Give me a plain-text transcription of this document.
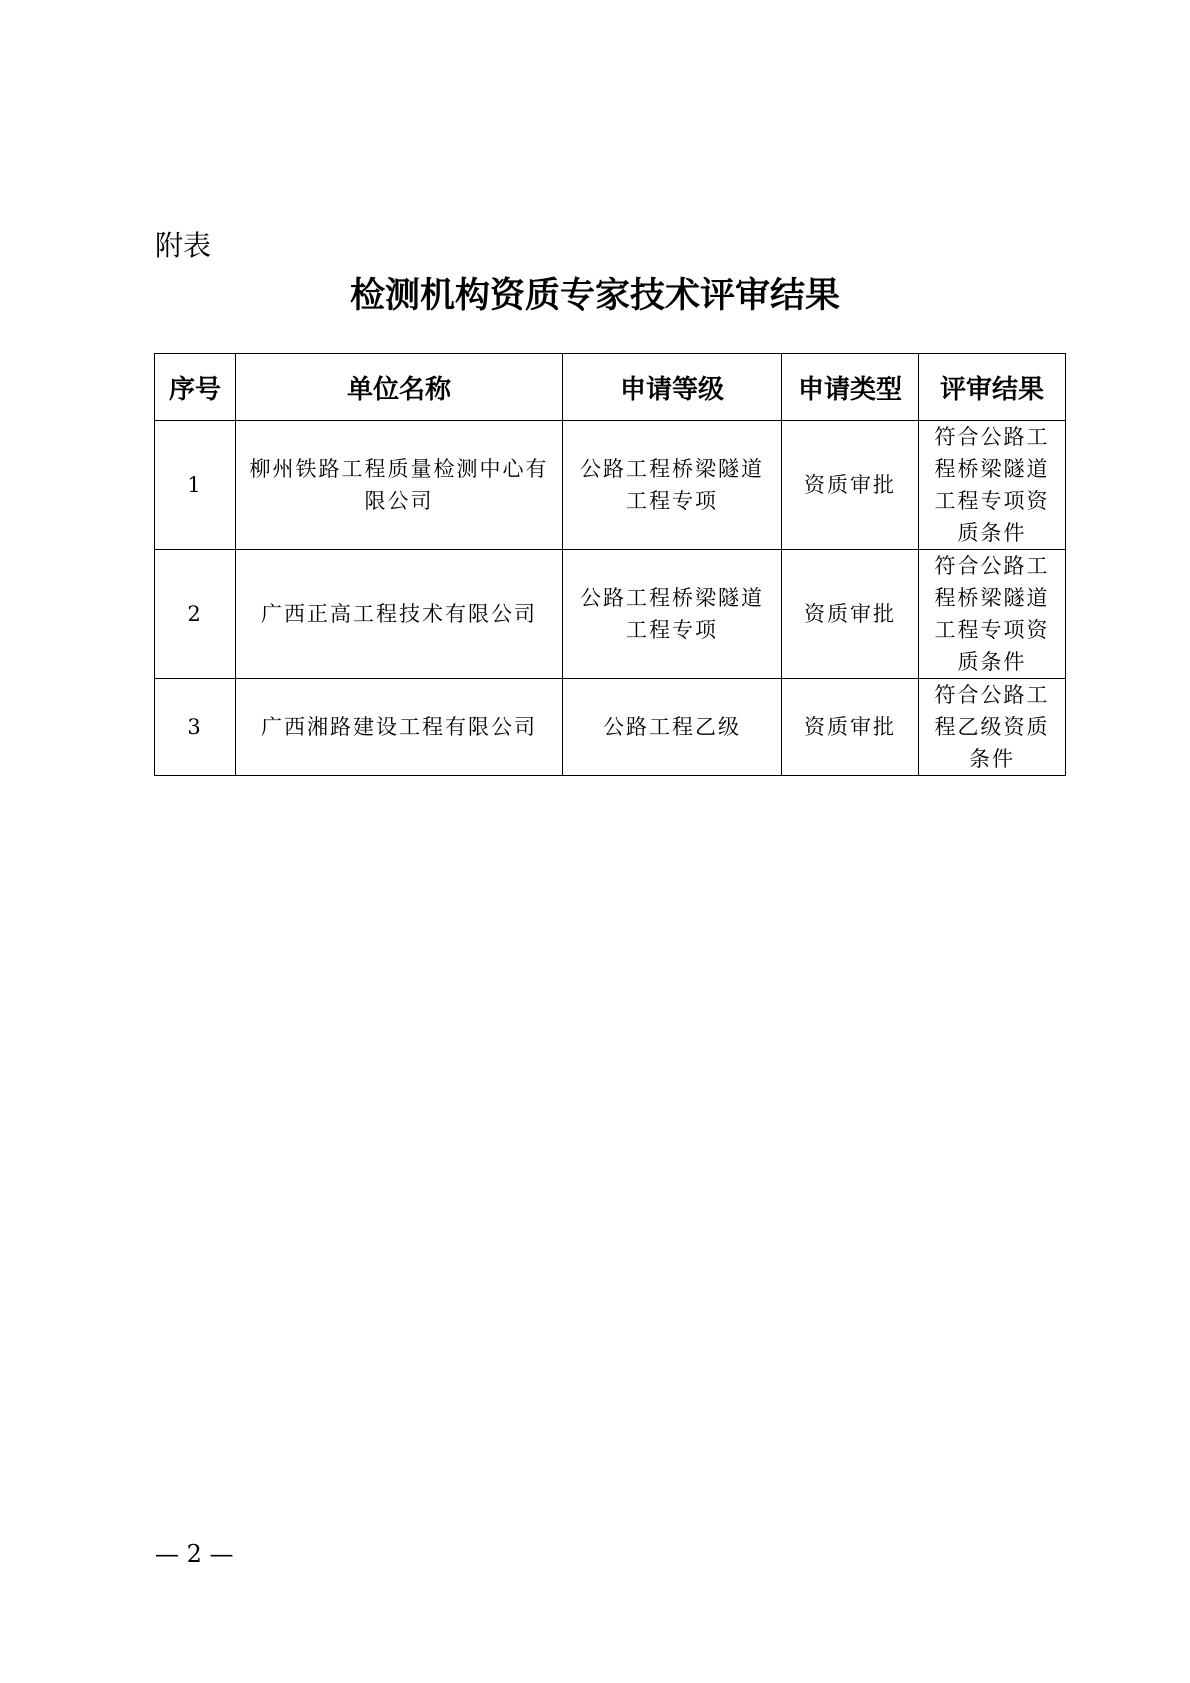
附表
检测机构资质专家技术评审结果
序号	单位名称	申请等级	申请类型	评审结果
1	柳州铁路工程质量检测中心有限公司	公路工程桥梁隧道工程专项	资质审批	符合公路工程桥梁隧道工程专项资质条件
2	广西正高工程技术有限公司	公路工程桥梁隧道工程专项	资质审批	符合公路工程桥梁隧道工程专项资质条件
3	广西湘路建设工程有限公司	公路工程乙级	资质审批	符合公路工程乙级资质条件
— 2 —
